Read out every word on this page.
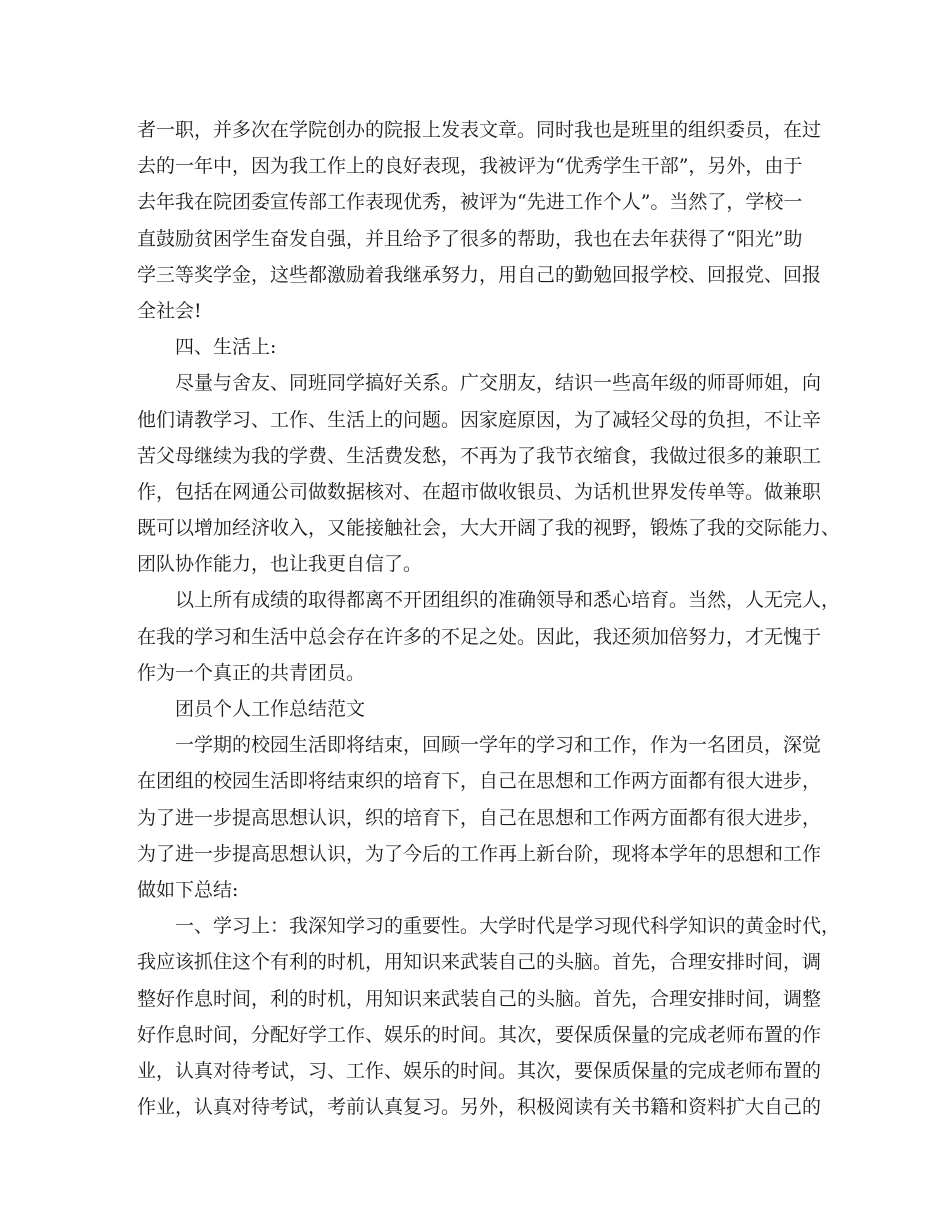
者一职，并多次在学院创办的院报上发表文章。同时我也是班里的组织委员，在过
去的一年中，因为我工作上的良好表现，我被评为“优秀学生干部”，另外，由于
去年我在院团委宣传部工作表现优秀，被评为“先进工作个人”。当然了，学校一
直鼓励贫困学生奋发自强，并且给予了很多的帮助，我也在去年获得了“阳光”助
学三等奖学金，这些都激励着我继承努力，用自己的勤勉回报学校、回报党、回报
全社会!
四、生活上:
尽量与舍友、同班同学搞好关系。广交朋友，结识一些高年级的师哥师姐，向
他们请教学习、工作、生活上的问题。因家庭原因，为了减轻父母的负担，不让辛
苦父母继续为我的学费、生活费发愁，不再为了我节衣缩食，我做过很多的兼职工
作，包括在网通公司做数据核对、在超市做收银员、为话机世界发传单等。做兼职
既可以增加经济收入，又能接触社会，大大开阔了我的视野，锻炼了我的交际能力、
团队协作能力，也让我更自信了。
以上所有成绩的取得都离不开团组织的准确领导和悉心培育。当然，人无完人，
在我的学习和生活中总会存在许多的不足之处。因此，我还须加倍努力，才无愧于
作为一个真正的共青团员。
团员个人工作总结范文
一学期的校园生活即将结束，回顾一学年的学习和工作，作为一名团员，深觉
在团组的校园生活即将结束织的培育下，自己在思想和工作两方面都有很大进步，
为了进一步提高思想认识，织的培育下，自己在思想和工作两方面都有很大进步，
为了进一步提高思想认识，为了今后的工作再上新台阶，现将本学年的思想和工作
做如下总结:
一、学习上：我深知学习的重要性。大学时代是学习现代科学知识的黄金时代，
我应该抓住这个有利的时机，用知识来武装自己的头脑。首先，合理安排时间，调
整好作息时间，利的时机，用知识来武装自己的头脑。首先，合理安排时间，调整
好作息时间，分配好学工作、娱乐的时间。其次，要保质保量的完成老师布置的作
业，认真对待考试，习、工作、娱乐的时间。其次，要保质保量的完成老师布置的
作业，认真对待考试，考前认真复习。另外，积极阅读有关书籍和资料扩大自己的
